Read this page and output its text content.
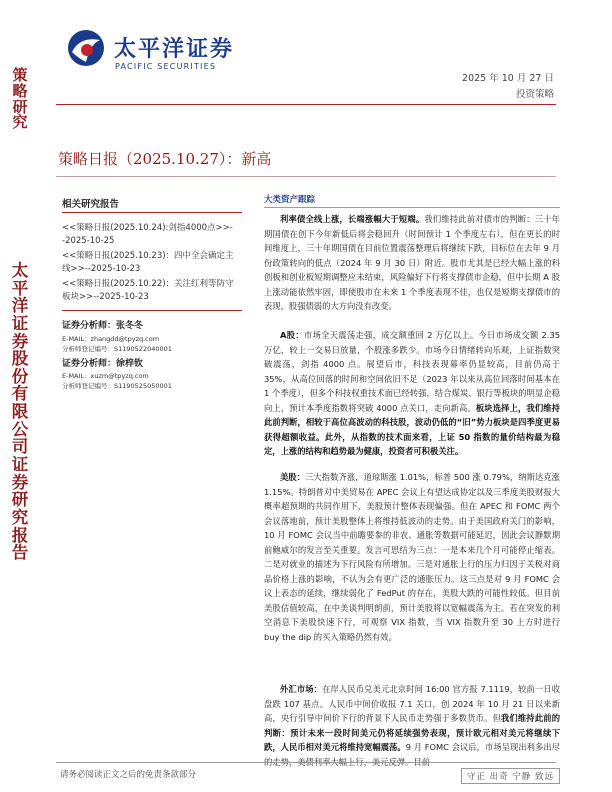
策略研究
太平洋证券股份有限公司证券研究报告
太平洋证券
PACIFIC SECURITIES
2025 年 10 月 27 日
投资策略
策略日报（2025.10.27）：新高
相关研究报告
<<策略日报(2025.10.24):剑指4000点>>--2025-10-25
<<策略日报(2025.10.23)：四中全会确定主线>>--2025-10-23
<<策略日报(2025.10.22)：关注红利等防守板块>>--2025-10-23
证券分析师：张冬冬
E-MAIL：zhangdd@tpyzq.com
分析师登记编号：S1190522040001
证券分析师：徐梓钦
E-MAIL：xuzm@tpyzq.com
分析师登记编号：S1190525050001
大类资产跟踪
利率债全线上涨，长端涨幅大于短端。我们维持此前对债市的判断：三十年期国债在创下今年新低后将会稳回升（时间预计 1 个季度左右），但在更长的时间维度上，三十年期国债在目前位置震荡整理后将继续下跌，目标位在去年 9 月份政策转向的低点（2024 年 9 月 30 日）附近。股市尤其是已经大幅上涨的科创板和创业板短期调整应未结束，风险偏好下行将支撑债市企稳，但中长期 A 股上涨动能依然牢固，即使股市在未来 1 个季度表现不佳，也仅是短期支撑债市的表现，股强债弱的大方向没有改变。
A股：市场全天震荡走强，成交额重回 2 万亿以上。今日市场成交额 2.35 万亿，较上一交易日放量，个股涨多跌少。市场今日情绪转向乐观，上证指数突破震荡，剑指 4000 点。展望后市，科技表现幕率仍显较高，目前仍高于 35%，从高位回落的时间和空间依旧不足（2023 年以来从高位回落时间基本在 1 个季度），但多个科技权重技术面已经转强，结合煤炭、银行等板块的明显企稳向上，预计本季度指数将突破 4000 点关口，走向新高。板块选择上，我们维持此前判断，相较于高位高波动的科技股，波动仍低的“旧”势力板块是四季度更易获得超额收益。此外，从指数的技术面来看，上证 50 指数的量价结构最为稳定，上涨的结构和趋势最为健康，投资者可积极关注。
美股：三大指数齐涨，道琼斯涨 1.01%，标普 500 涨 0.79%，纳斯达克涨 1.15%。特朗普对中美贸易在 APEC 会议上有望达成协定以及三季度美股财报大概率超预期的共同作用下，美股预计整体表现偏强。但在 APEC 和 FOMC 两个会议落地前，预计美股整体上将维持低波动的走势。由于美国政府关门的影响，10 月 FOMC 会议当中前瞻要参的非农、通胀等数据可能延迟，因此会议静默期前鲍威尔的发言至关重要。发言可思结为三点：一是本来几个月可能停止缩表。二是对就业的描述为下行风险有所增加。三是对通胀上行的压力归因于关税对商品价格上涨的影响，不认为会有更广泛的通胀压力。这三点是对 9 月 FOMC 会议上表态的延续，继续弱化了 FedPut 的存在，美股大跌的可能性较低。但目前美股估值较高，在中美谈判明朗前，预计美股将以宽幅震荡为主。若在突发的利空消息下美股快速下行，可观察 VIX 指数，当 VIX 指数升至 30 上方时进行 buy the dip 的买入策略仍然有效。
外汇市场：在岸人民币兑美元北京时间 16:00 官方报 7.1119，较前一日收盘跌 107 基点。人民币中间价收报 7.1 关口，创 2024 年 10 月 21 日以来新高，央行引导中间价下行的背景下人民币走势强于多数货币。但我们维持此前的判断：预计未来一段时间美元仍将延续强势表现，预计欧元相对美元将继续下跌，人民币相对美元将维持宽幅震荡。9 月 FOMC 会议后，市场呈现出利多出尽
请务必阅读正文之后的免责条款部分	守正 出奇 宁静 致远
